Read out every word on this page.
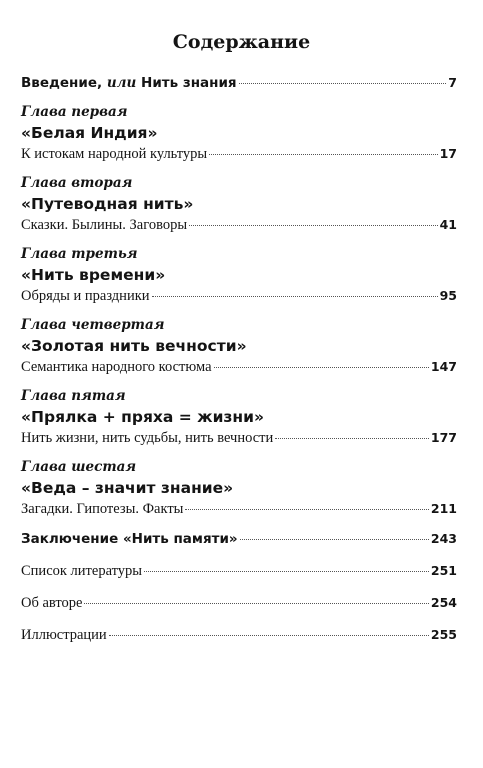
Содержание
Введение, или Нить знания	7
Глава первая
«Белая Индия»
К истокам народной культуры	17
Глава вторая
«Путеводная нить»
Сказки. Былины. Заговоры	41
Глава третья
«Нить времени»
Обряды и праздники	95
Глава четвертая
«Золотая нить вечности»
Семантика народного костюма	147
Глава пятая
«Прялка + пряха = жизни»
Нить жизни, нить судьбы, нить вечности	177
Глава шестая
«Веда – значит знание»
Загадки. Гипотезы. Факты	211
Заключение «Нить памяти»	243
Список литературы	251
Об авторе	254
Иллюстрации	255
